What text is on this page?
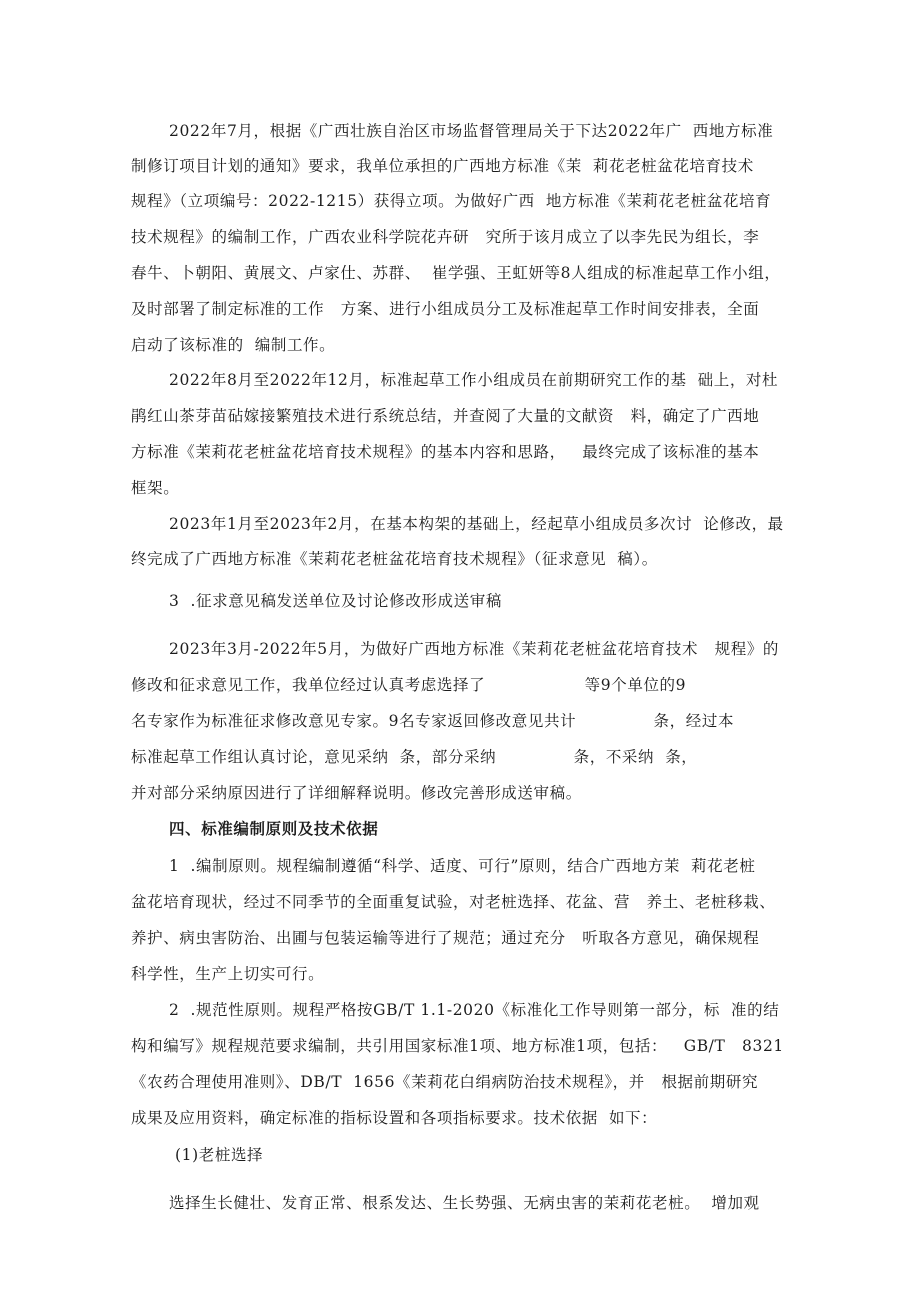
2022年7月，根据《广西壮族自治区市场监督管理局关于下达2022年广  西地方标准
制修订项目计划的通知》要求，我单位承担的广西地方标准《茉  莉花老桩盆花培育技术
规程》（立项编号：2022-1215）获得立项。为做好广西  地方标准《茉莉花老桩盆花培育
技术规程》的编制工作，广西农业科学院花卉研   究所于该月成立了以李先民为组长，李
春牛、卜朝阳、黄展文、卢家仕、苏群、  崔学强、王虹妍等8人组成的标准起草工作小组，
及时部署了制定标准的工作   方案、进行小组成员分工及标准起草工作时间安排表，全面
启动了该标准的  编制工作。
2022年8月至2022年12月，标准起草工作小组成员在前期研究工作的基  础上，对杜
鹃红山茶芽苗砧嫁接繁殖技术进行系统总结，并查阅了大量的文献资   料，确定了广西地
方标准《茉莉花老桩盆花培育技术规程》的基本内容和思路，   最终完成了该标准的基本
框架。
2023年1月至2023年2月，在基本构架的基础上，经起草小组成员多次讨  论修改，最
终完成了广西地方标准《茉莉花老桩盆花培育技术规程》（征求意见  稿）。
3  .征求意见稿发送单位及讨论修改形成送审稿
2023年3月-2022年5月，为做好广西地方标准《茉莉花老桩盆花培育技术   规程》的
修改和征求意见工作，我单位经过认真考虑选择了                  等9个单位的9
名专家作为标准征求修改意见专家。9名专家返回修改意见共计              条，经过本
标准起草工作组认真讨论，意见采纳  条，部分采纳              条，不采纳  条，
并对部分采纳原因进行了详细解释说明。修改完善形成送审稿。
四、标准编制原则及技术依据
1  .编制原则。规程编制遵循“科学、适度、可行”原则，结合广西地方茉  莉花老桩
盆花培育现状，经过不同季节的全面重复试验，对老桩选择、花盆、营   养土、老桩移栽、
养护、病虫害防治、出圃与包装运输等进行了规范；通过充分   听取各方意见，确保规程
科学性，生产上切实可行。
2  .规范性原则。规程严格按GB/T 1.1-2020《标准化工作导则第一部分，标  准的结
构和编写》规程规范要求编制，共引用国家标准1项、地方标准1项，包括：   GB/T   8321
《农药合理使用准则》、DB/T  1656《茉莉花白绢病防治技术规程》，并   根据前期研究
成果及应用资料，确定标准的指标设置和各项指标要求。技术依据  如下：
(1)老桩选择
选择生长健壮、发育正常、根系发达、生长势强、无病虫害的茉莉花老桩。  增加观
